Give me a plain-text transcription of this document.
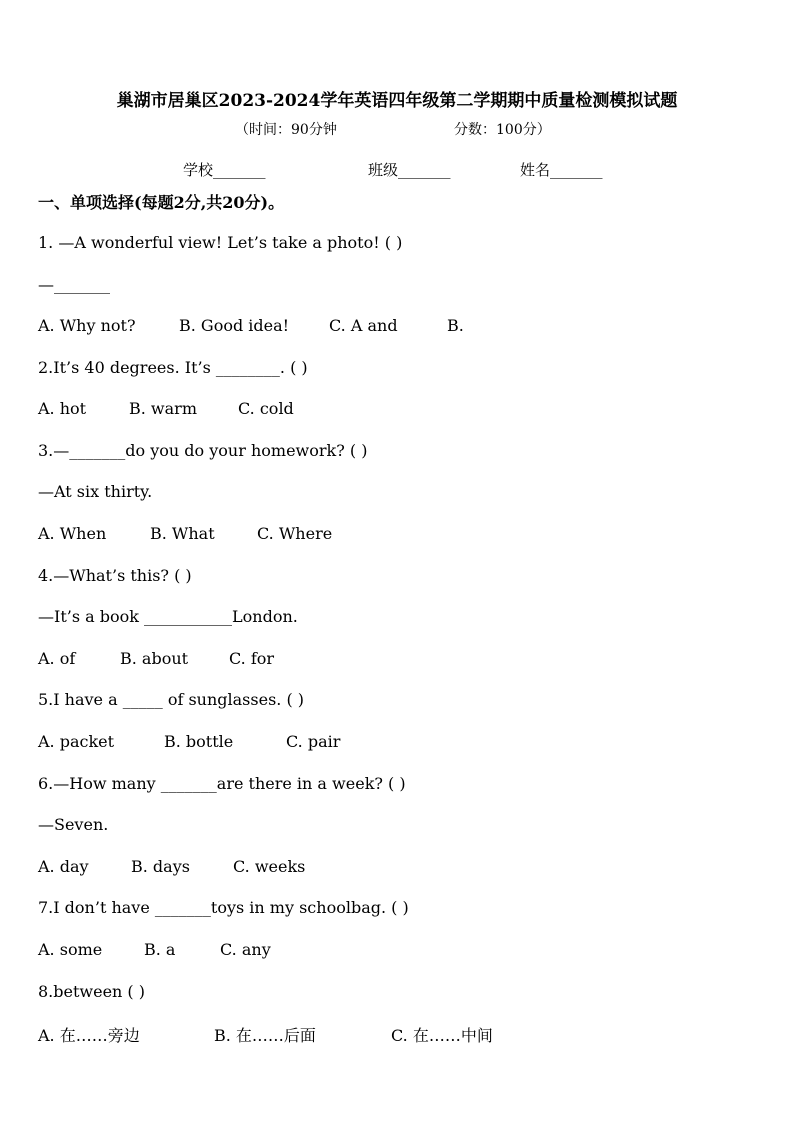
巢湖市居巢区2023-2024学年英语四年级第二学期期中质量检测模拟试题
（时间：90分钟	分数：100分）
学校_______	班级_______	姓名_______
一、单项选择(每题2分,共20分)。
1. —A wonderful view! Let’s take a photo! ( )
—_______
A. Why not?	B. Good idea! C. A and	B.
2.It’s 40 degrees. It’s ________. ( )
A. hot	B. warm	C. cold
3.—_______do you do your homework? ( )
—At six thirty.
A. When	B. What	C. Where
4.—What’s this? ( )
—It’s a book ___________London.
A. of	B. about	C. for
5.I have a _____ of sunglasses. ( )
A. packet	B. bottle	C. pair
6.—How many _______are there in a week? ( )
—Seven.
A. day	B. days	C. weeks
7.I don’t have _______toys in my schoolbag. ( )
A. some	B. a	C. any
8.between ( )
A. 在……旁边	B. 在……后面	C. 在……中间
